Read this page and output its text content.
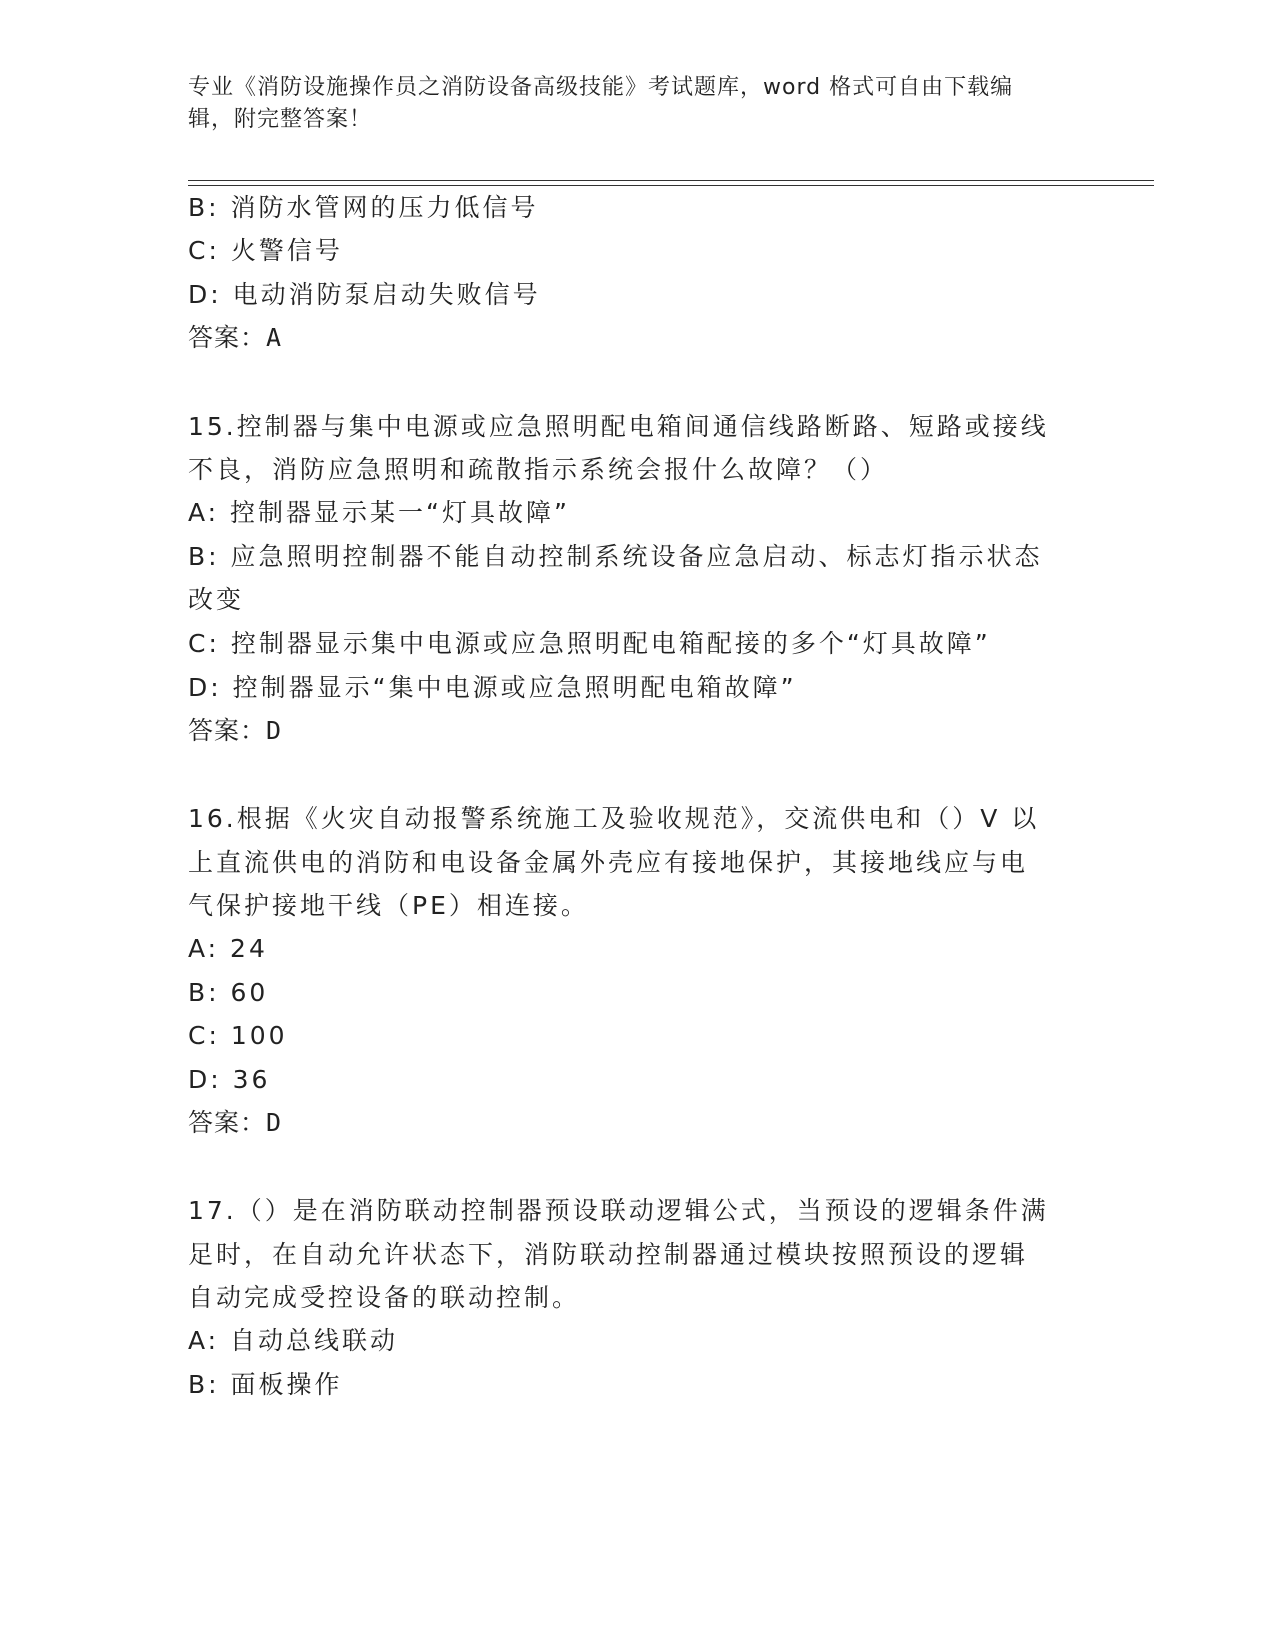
专业《消防设施操作员之消防设备高级技能》考试题库，word 格式可自由下载编
辑，附完整答案！
B: 消防水管网的压力低信号
C: 火警信号
D: 电动消防泵启动失败信号
答案：A
15.控制器与集中电源或应急照明配电箱间通信线路断路、短路或接线
不良，消防应急照明和疏散指示系统会报什么故障？（）
A: 控制器显示某一“灯具故障”
B: 应急照明控制器不能自动控制系统设备应急启动、标志灯指示状态
改变
C: 控制器显示集中电源或应急照明配电箱配接的多个“灯具故障”
D: 控制器显示“集中电源或应急照明配电箱故障”
答案：D
16.根据《火灾自动报警系统施工及验收规范》，交流供电和（）V 以
上直流供电的消防和电设备金属外壳应有接地保护，其接地线应与电
气保护接地干线（PE）相连接。
A: 24
B: 60
C: 100
D: 36
答案：D
17.（）是在消防联动控制器预设联动逻辑公式，当预设的逻辑条件满
足时，在自动允许状态下，消防联动控制器通过模块按照预设的逻辑
自动完成受控设备的联动控制。
A: 自动总线联动
B: 面板操作
